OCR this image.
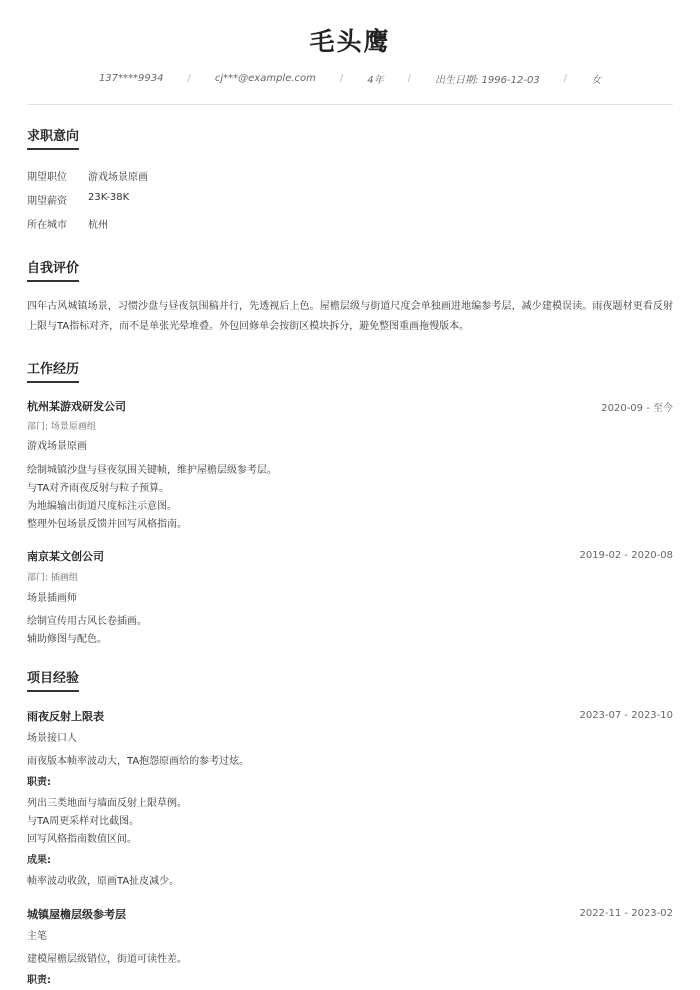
毛头鹰
137****9934 / cj***@example.com / 4年 / 出生日期: 1996-12-03 / 女
求职意向
期望职位 游戏场景原画
期望薪资 23K-38K
所在城市 杭州
自我评价
四年古风城镇场景，习惯沙盘与昼夜氛围稿并行，先透视后上色。屋檐层级与街道尺度会单独画进地编参考层，减少建模误读。雨夜题材更看反射上限与TA指标对齐，而不是单张光晕堆叠。外包回修单会按街区模块拆分，避免整图重画拖慢版本。
工作经历
杭州某游戏研发公司	2020-09 - 至今
部门: 场景原画组
游戏场景原画
绘制城镇沙盘与昼夜氛围关键帧，维护屋檐层级参考层。
与TA对齐雨夜反射与粒子预算。
为地编输出街道尺度标注示意图。
整理外包场景反馈并回写风格指南。
南京某文创公司	2019-02 - 2020-08
部门: 插画组
场景插画师
绘制宣传用古风长卷插画。
辅助修图与配色。
项目经验
雨夜反射上限表	2023-07 - 2023-10
场景接口人
雨夜版本帧率波动大，TA抱怨原画给的参考过炫。
职责:
列出三类地面与墙面反射上限草例。
与TA周更采样对比截图。
回写风格指南数值区间。
成果:
帧率波动收敛，原画TA扯皮减少。
城镇屋檐层级参考层	2022-11 - 2023-02
主笔
建模屋檐层级错位，街道可读性差。
职责:
